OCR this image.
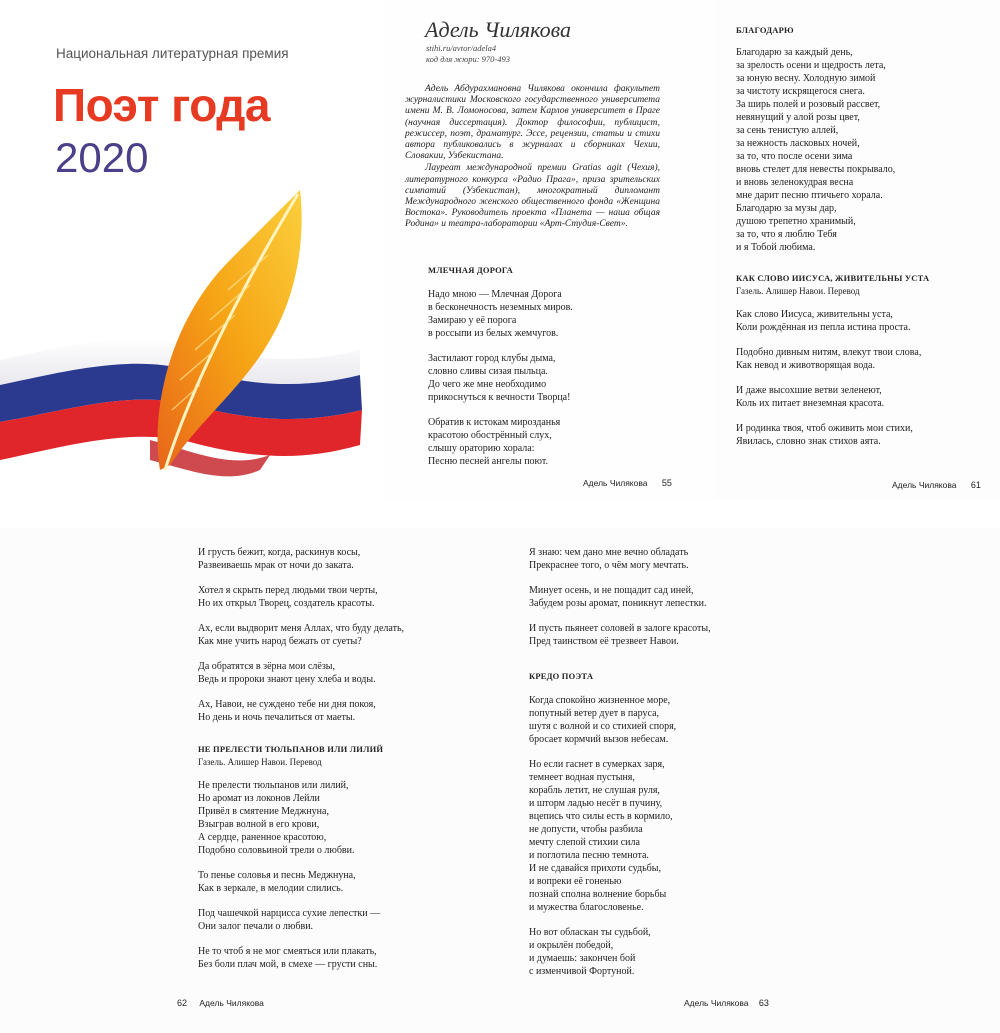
Национальная литературная премия
Поэт года
2020
Адель Чилякова
stihi.ru/avtor/adela4
код для жюри: 970-493

Адель Абдурахмановна Чилякова окончила факультет журналистики Московского государственного университета имени М. В. Ломоносова, затем Карлов университет в Праге (научная диссертация). Доктор философии, публицист, режиссер, поэт, драматург. Эссе, рецензии, статьи и стихи автора публиковались в журналах и сборниках Чехии, Словакии, Узбекистана.

Лауреат международной премии Gratias agit (Чехия), литературного конкурса «Радио Прага», приза зрительских симпатий (Узбекистан), многократный дипломант Международного женского общественного фонда «Женщина Востока». Руководитель проекта «Планета — наша общая Родина» и театра-лаборатории «Арт-Студия-Свет».

МЛЕЧНАЯ ДОРОГА

Надо мною — Млечная Дорога

в бесконечность неземных миров.

Замираю у её порога

в россыпи из белых жемчугов.

Застилают город клубы дыма,

словно сливы сизая пыльца.

До чего же мне необходимо

прикоснуться к вечности Творца!

Обратив к истокам мирозданья

красотою обострённый слух,

слышу ораторию хорала:

Песню песней ангелы поют.

Адель Чилякова 55
БЛАГОДАРЮ

Благодарю за каждый день,

за зрелость осени и щедрость лета,

за юную весну. Холодную зимой

за чистоту искрящегося снега.

За ширь полей и розовый рассвет,

невянущий у алой розы цвет,

за сень тенистую аллей,

за нежность ласковых ночей,

за то, что после осени зима

вновь стелет для невесты покрывало,

и вновь зеленокудрая весна

мне дарит песню птичьего хорала.

Благодарю за музы дар,

душою трепетно хранимый,

за то, что я люблю Тебя

и я Тобой любима.

КАК СЛОВО ИИСУСА, ЖИВИТЕЛЬНЫ УСТА
Газель. Алишер Навои. Перевод

Как слово Иисуса, живительны уста,

Коли рождённая из пепла истина проста.

Подобно дивным нитям, влекут твои слова,

Как невод и животворящая вода.

И даже высохшие ветви зеленеют,

Коль их питает внеземная красота.

И родинка твоя, чтоб оживить мои стихи,

Явилась, словно знак стихов аята.

Адель Чилякова 61

И грусть бежит, когда, раскинув косы,

Развеиваешь мрак от ночи до заката.

Хотел я скрыть перед людьми твои черты,

Но их открыл Творец, создатель красоты.

Ах, если выдворит меня Аллах, что буду делать,

Как мне учить народ бежать от суеты?

Да обратятся в зёрна мои слёзы,

Ведь и пророки знают цену хлеба и воды.

Ах, Навои, не суждено тебе ни дня покоя,

Но день и ночь печалиться от маеты.

НЕ ПРЕЛЕСТИ ТЮЛЬПАНОВ ИЛИ ЛИЛИЙ
Газель. Алишер Навои. Перевод

Не прелести тюльпанов или лилий,

Но аромат из локонов Лейли

Привёл в смятение Меджнуна,

Взыграв волной в его крови,

А сердце, раненное красотою,

Подобно соловьиной трели о любви.

То пенье соловья и песнь Меджнуна,

Как в зеркале, в мелодии слились.

Под чашечкой нарцисса сухие лепестки —

Они залог печали о любви.

Не то чтоб я не мог смеяться или плакать,

Без боли плач мой, в смехе — грусти сны.

62 Адель Чилякова

Я знаю: чем дано мне вечно обладать

Прекраснее того, о чём могу мечтать.

Минует осень, и не пощадит сад иней,

Забудем розы аромат, поникнут лепестки.

И пусть пьянеет соловей в залоге красоты,

Пред таинством её трезвеет Навои.

КРЕДО ПОЭТА

Когда спокойно жизненное море,

попутный ветер дует в паруса,

шутя с волной и со стихией споря,

бросает кормчий вызов небесам.

Но если гаснет в сумерках заря,

темнеет водная пустыня,

корабль летит, не слушая руля,

и шторм ладью несёт в пучину,

вцепись что силы есть в кормило,

не допусти, чтобы разбила

мечту слепой стихии сила

и поглотила песню темнота.

И не сдавайся прихоти судьбы,

и вопреки её гоненью

познай сполна волнение борьбы

и мужества благословенье.

Но вот обласкан ты судьбой,

и окрылён победой,

и думаешь: закончен бой

с изменчивой Фортуной.

Адель Чилякова 63
